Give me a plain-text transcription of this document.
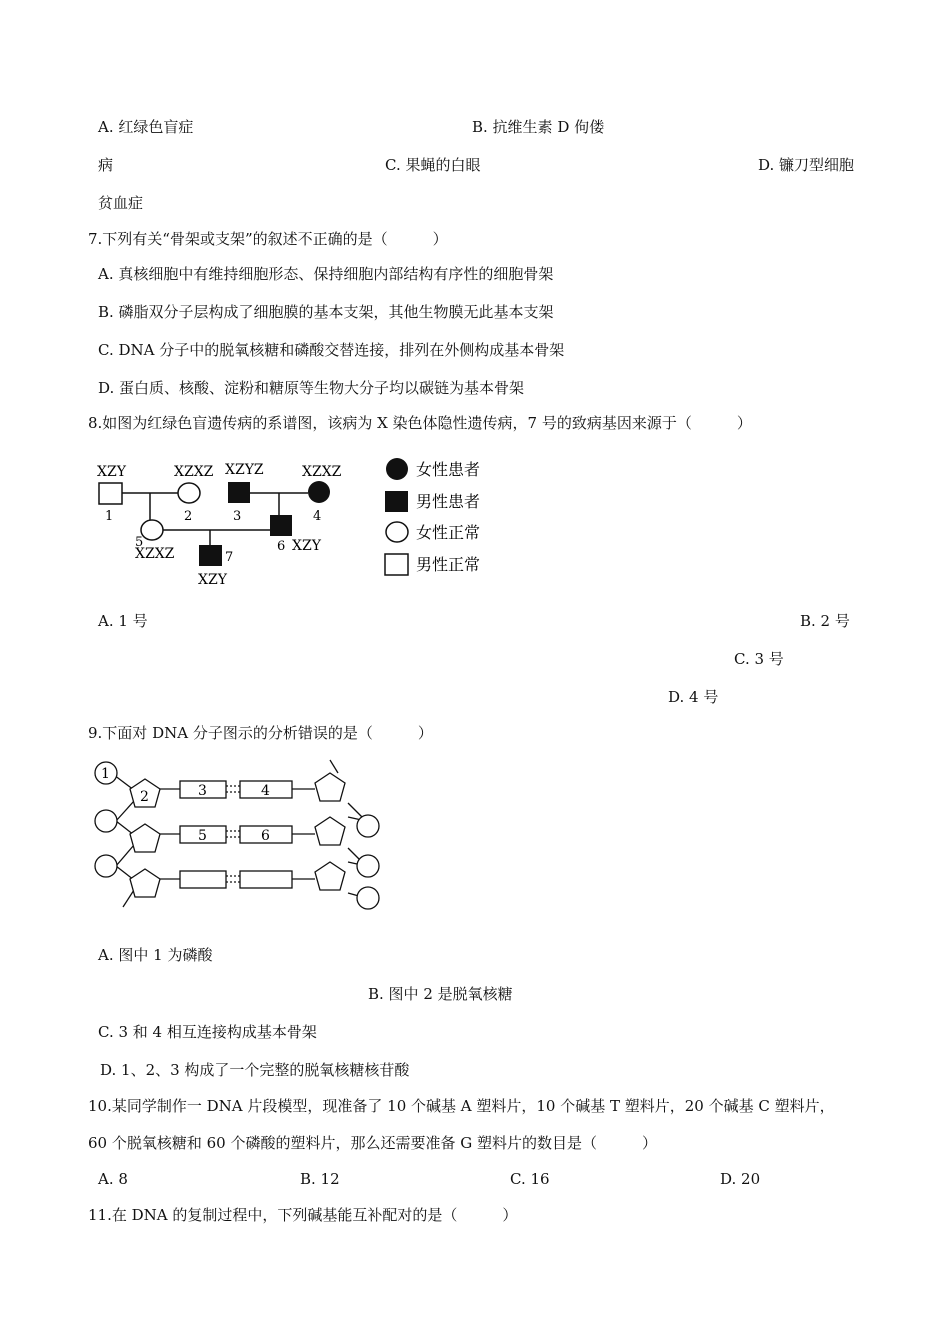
A. 红绿色盲症	B. 抗维生素 D 佝偻
病	C. 果蝇的白眼	D. 镰刀型细胞
贫血症
7.下列有关“骨架或支架”的叙述不正确的是（　　　）
A. 真核细胞中有维持细胞形态、保持细胞内部结构有序性的细胞骨架
B. 磷脂双分子层构成了细胞膜的基本支架，其他生物膜无此基本支架
C. DNA 分子中的脱氧核糖和磷酸交替连接，排列在外侧构成基本骨架
D. 蛋白质、核酸、淀粉和糖原等生物大分子均以碳链为基本骨架
8.如图为红绿色盲遗传病的系谱图，该病为 X 染色体隐性遗传病，7 号的致病基因来源于（　　　）
XZY	XZXZ XZYZ	XZXZ
XZXZ	XZY
XZY
1	2	3	4
5	6
7
女性患者
男性患者
女性正常
男性正常
A. 1 号	B. 2 号
C. 3 号
D. 4 号
9.下面对 DNA 分子图示的分析错误的是（　　　）
1
2	3	4
5	6
A. 图中 1 为磷酸
B. 图中 2 是脱氧核糖
C. 3 和 4 相互连接构成基本骨架
D. 1、2、3 构成了一个完整的脱氧核糖核苷酸
10.某同学制作一 DNA 片段模型，现准备了 10 个碱基 A 塑料片，10 个碱基 T 塑料片，20 个碱基 C 塑料片，
60 个脱氧核糖和 60 个磷酸的塑料片，那么还需要准备 G 塑料片的数目是（　　　）
A. 8	B. 12	C. 16	D. 20
11.在 DNA 的复制过程中，下列碱基能互补配对的是（　　　）
